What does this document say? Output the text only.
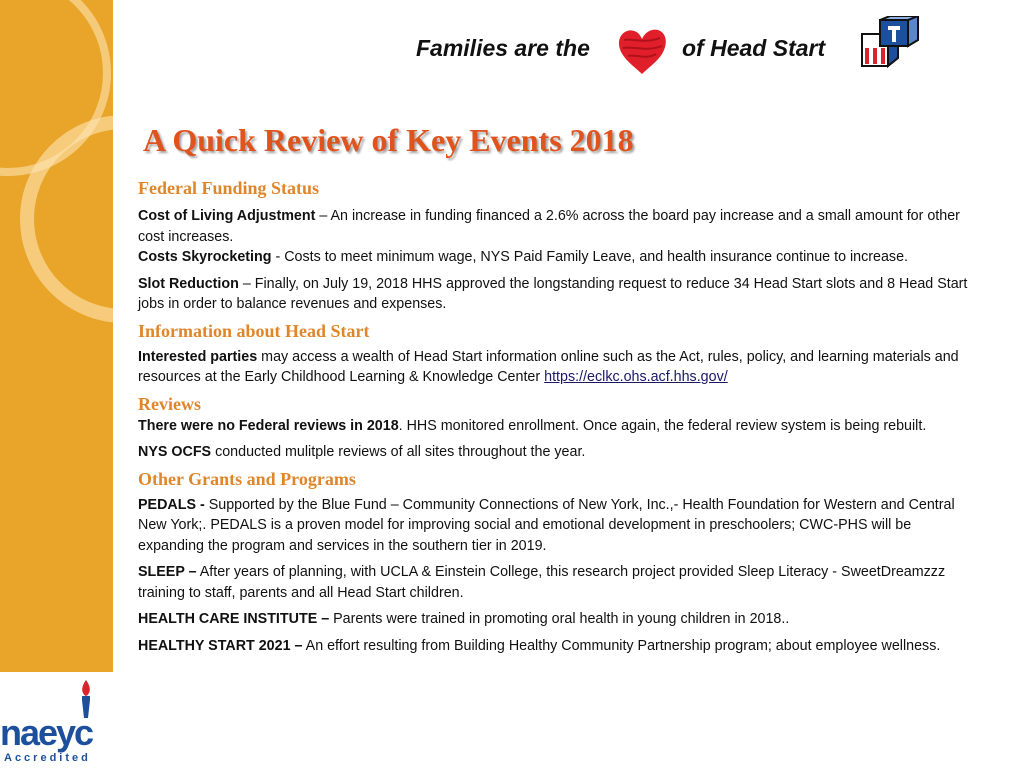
naeyc
Accredited
Families are the	of Head Start
A Quick Review of Key Events 2018
Federal Funding Status

Cost of Living Adjustment – An increase in funding financed a 2.6% across the board pay increase and a small amount for other cost increases.

Costs Skyrocketing - Costs to meet minimum wage, NYS Paid Family Leave, and health insurance continue to increase.

Slot Reduction – Finally, on July 19, 2018 HHS approved the longstanding request to reduce 34 Head Start slots and 8 Head Start jobs in order to balance revenues and expenses.

Information about Head Start

Interested parties may access a wealth of Head Start information online such as the Act, rules, policy, and learning materials and resources at the Early Childhood Learning & Knowledge Center https://eclkc.ohs.acf.hhs.gov/

Reviews

There were no Federal reviews in 2018. HHS monitored enrollment. Once again, the federal review system is being rebuilt.

NYS OCFS conducted mulitple reviews of all sites throughout the year.

Other Grants and Programs

PEDALS - Supported by the Blue Fund – Community Connections of New York, Inc.,- Health Foundation for Western and Central New York;. PEDALS is a proven model for improving social and emotional development in preschoolers; CWC-PHS will be expanding the program and services in the southern tier in 2019.

SLEEP – After years of planning, with UCLA & Einstein College, this research project provided Sleep Literacy - SweetDreamzzz training to staff, parents and all Head Start children.

HEALTH CARE INSTITUTE – Parents were trained in promoting oral health in young children in 2018..

HEALTHY START 2021 – An effort resulting from Building Healthy Community Partnership program; about employee wellness.
